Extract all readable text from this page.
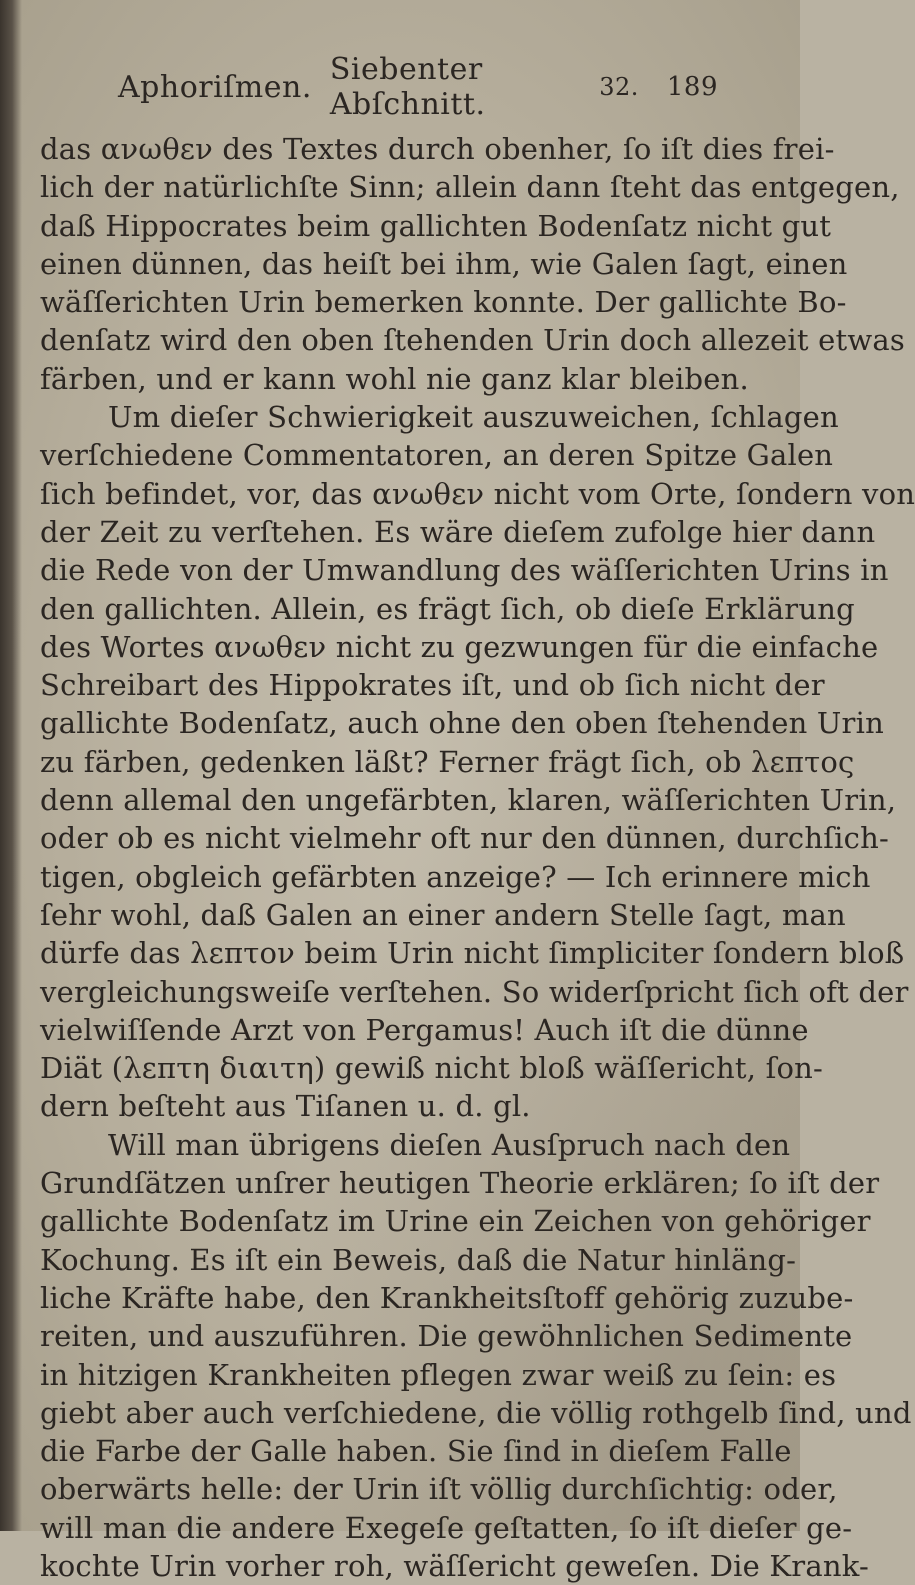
Aphoriſmen. Siebenter Abſchnitt.	32. 189
das ανωθεν des Textes durch obenher, ſo iſt dies frei-
lich der natürlichſte Sinn; allein dann ſteht das entgegen,
daß Hippocrates beim gallichten Bodenſatz nicht gut
einen dünnen, das heiſt bei ihm, wie Galen ſagt, einen
wäſſerichten Urin bemerken konnte. Der gallichte Bo-
denſatz wird den oben ſtehenden Urin doch allezeit etwas
färben, und er kann wohl nie ganz klar bleiben.
Um dieſer Schwierigkeit auszuweichen, ſchlagen
verſchiedene Commentatoren, an deren Spitze Galen
ſich befindet, vor, das ανωθεν nicht vom Orte, ſondern von
der Zeit zu verſtehen. Es wäre dieſem zufolge hier dann
die Rede von der Umwandlung des wäſſerichten Urins in
den gallichten. Allein, es frägt ſich, ob dieſe Erklärung
des Wortes ανωθεν nicht zu gezwungen für die einfache
Schreibart des Hippokrates iſt, und ob ſich nicht der
gallichte Bodenſatz, auch ohne den oben ſtehenden Urin
zu färben, gedenken läßt? Ferner frägt ſich, ob λεπτος
denn allemal den ungefärbten, klaren, wäſſerichten Urin,
oder ob es nicht vielmehr oft nur den dünnen, durchſich-
tigen, obgleich gefärbten anzeige? — Ich erinnere mich
ſehr wohl, daß Galen an einer andern Stelle ſagt, man
dürfe das λεπτον beim Urin nicht ſimpliciter ſondern bloß
vergleichungsweiſe verſtehen. So widerſpricht ſich oft der
vielwiſſende Arzt von Pergamus! Auch iſt die dünne
Diät (λεπτη διαιτη) gewiß nicht bloß wäſſericht, ſon-
dern beſteht aus Tiſanen u. d. gl.
Will man übrigens dieſen Ausſpruch nach den
Grundſätzen unſrer heutigen Theorie erklären; ſo iſt der
gallichte Bodenſatz im Urine ein Zeichen von gehöriger
Kochung. Es iſt ein Beweis, daß die Natur hinläng-
liche Kräfte habe, den Krankheitsſtoff gehörig zuzube-
reiten, und auszuführen. Die gewöhnlichen Sedimente
in hitzigen Krankheiten pflegen zwar weiß zu ſein: es
giebt aber auch verſchiedene, die völlig rothgelb ſind, und
die Farbe der Galle haben. Sie ſind in dieſem Falle
oberwärts helle: der Urin iſt völlig durchſichtig: oder,
will man die andere Exegeſe geſtatten, ſo iſt dieſer ge-
kochte Urin vorher roh, wäſſericht geweſen. Die Krank-
